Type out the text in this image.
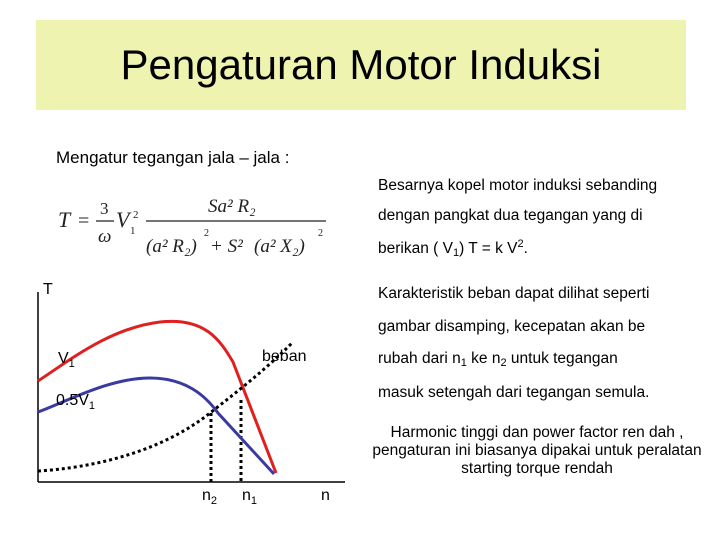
Pengaturan Motor Induksi
Mengatur tegangan jala – jala :
T =
3
ω
V 1
2	Sa² R₂
(a² R₂)
2
+ S² (a² X₂)
2
Besarnya kopel motor induksi sebanding
dengan pangkat dua tegangan yang di
berikan ( $V_1$) T = k $V^2$.
Karakteristik beban dapat dilihat seperti
gambar disamping, kecepatan akan be
rubah dari $n_1$ ke $n_2$ untuk tegangan
masuk setengah dari tegangan semula.
Harmonic tinggi dan power factor ren dah , pengaturan ini biasanya dipakai untuk peralatan starting torque rendah
T
$V_1$	beban
$0.5V_1$
$n_2$ $n_1$	n
